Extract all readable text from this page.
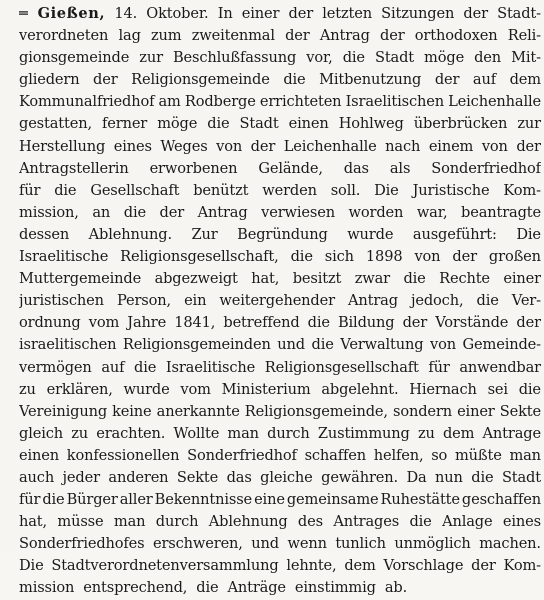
═ Gießen, 14. Oktober. In einer der letzten Sitzungen der Stadt-
verordneten lag zum zweitenmal der Antrag der orthodoxen Reli-
gionsgemeinde zur Beschlußfassung vor, die Stadt möge den Mit-
gliedern der Religionsgemeinde die Mitbenutzung der auf dem
Kommunalfriedhof am Rodberge errichteten Israelitischen Leichenhalle
gestatten, ferner möge die Stadt einen Hohlweg überbrücken zur
Herstellung eines Weges von der Leichenhalle nach einem von der
Antragstellerin erworbenen Gelände, das als Sonderfriedhof
für die Gesellschaft benützt werden soll. Die Juristische Kom-
mission, an die der Antrag verwiesen worden war, beantragte
dessen Ablehnung. Zur Begründung wurde ausgeführt: Die
Israelitische Religionsgesellschaft, die sich 1898 von der großen
Muttergemeinde abgezweigt hat, besitzt zwar die Rechte einer
juristischen Person, ein weitergehender Antrag jedoch, die Ver-
ordnung vom Jahre 1841, betreffend die Bildung der Vorstände der
israelitischen Religionsgemeinden und die Verwaltung von Gemeinde-
vermögen auf die Israelitische Religionsgesellschaft für anwendbar
zu erklären, wurde vom Ministerium abgelehnt. Hiernach sei die
Vereinigung keine anerkannte Religionsgemeinde, sondern einer Sekte
gleich zu erachten. Wollte man durch Zustimmung zu dem Antrage
einen konfessionellen Sonderfriedhof schaffen helfen, so müßte man
auch jeder anderen Sekte das gleiche gewähren. Da nun die Stadt
für die Bürger aller Bekenntnisse eine gemeinsame Ruhestätte geschaffen
hat, müsse man durch Ablehnung des Antrages die Anlage eines
Sonderfriedhofes erschweren, und wenn tunlich unmöglich machen.
Die Stadtverordnetenversammlung lehnte, dem Vorschlage der Kom-
mission entsprechend, die Anträge einstimmig ab.
